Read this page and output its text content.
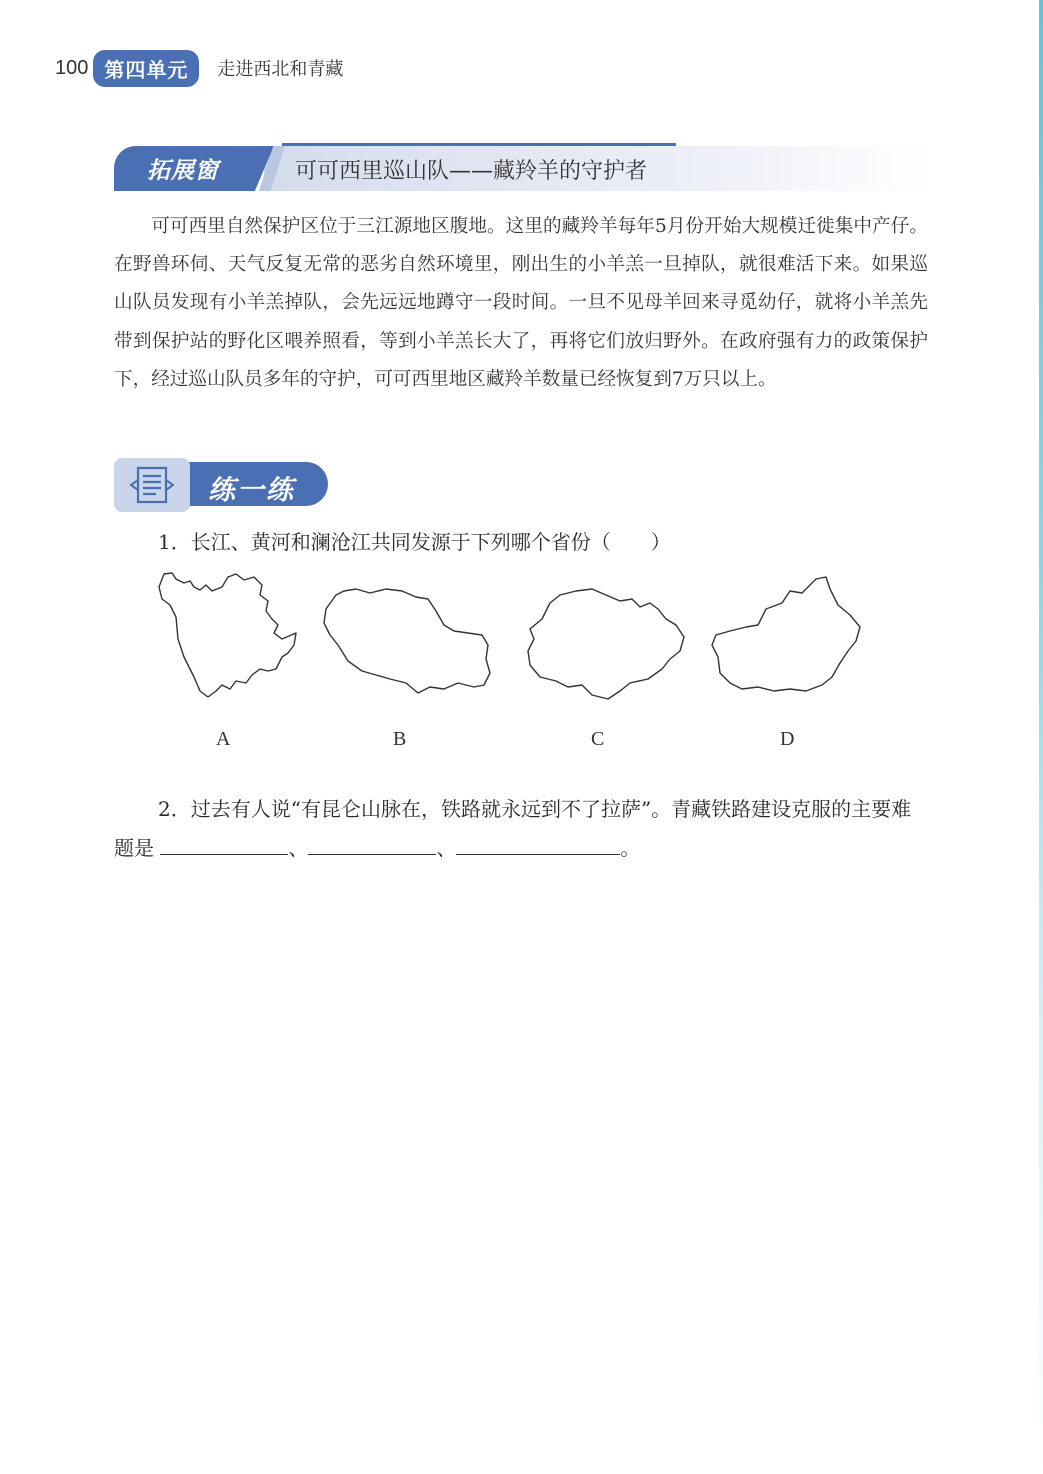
100 第四单元	走进西北和青藏
拓展窗	可可西里巡山队——藏羚羊的守护者

可可西里自然保护区位于三江源地区腹地。这里的藏羚羊每年5月份开始大规模迁徙集中产仔。在野兽环伺、天气反复无常的恶劣自然环境里，刚出生的小羊羔一旦掉队，就很难活下来。如果巡山队员发现有小羊羔掉队，会先远远地蹲守一段时间。一旦不见母羊回来寻觅幼仔，就将小羊羔先带到保护站的野化区喂养照看，等到小羊羔长大了，再将它们放归野外。在政府强有力的政策保护下，经过巡山队员多年的守护，可可西里地区藏羚羊数量已经恢复到7万只以上。

练一练
1．长江、黄河和澜沧江共同发源于下列哪个省份（　　）
A	B	C	D

2．过去有人说“有昆仑山脉在，铁路就永远到不了拉萨”。青藏铁路建设克服的主要难题是	、	、	。
